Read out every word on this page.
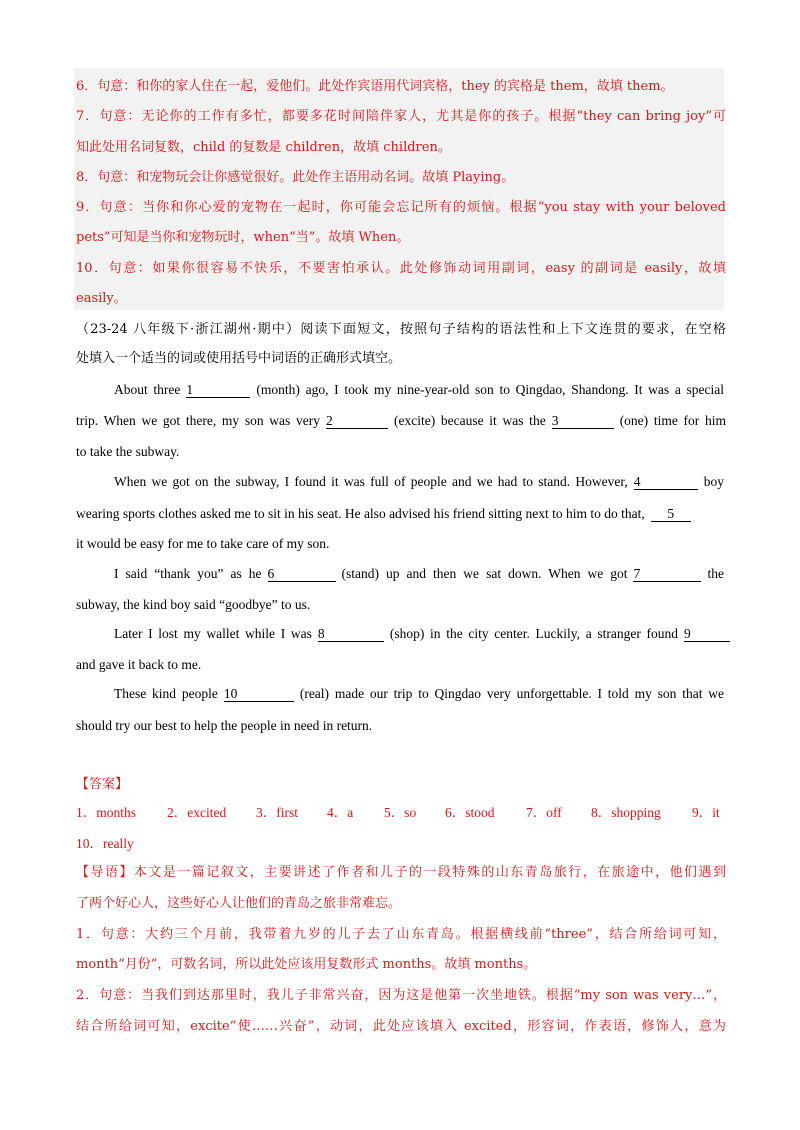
6．句意：和你的家人住在一起，爱他们。此处作宾语用代词宾格，they 的宾格是 them，故填 them。
7．句意：无论你的工作有多忙，都要多花时间陪伴家人，尤其是你的孩子。根据“they can bring joy”可
知此处用名词复数，child 的复数是 children，故填 children。
8．句意：和宠物玩会让你感觉很好。此处作主语用动名词。故填 Playing。
9．句意：当你和你心爱的宠物在一起时，你可能会忘记所有的烦恼。根据“you stay with your beloved
pets”可知是当你和宠物玩时，when“当”。故填 When。
10．句意：如果你很容易不快乐，不要害怕承认。此处修饰动词用副词，easy 的副词是 easily，故填
easily。
（23-24 八年级下·浙江湖州·期中）阅读下面短文，按照句子结构的语法性和上下文连贯的要求，在空格
处填入一个适当的词或使用括号中词语的正确形式填空。
About three 1	(month) ago, I took my nine-year-old son to Qingdao, Shandong. It was a special
trip. When we got there, my son was very 2	(excite) because it was the 3	(one) time for him
to take the subway.
When we got on the subway, I found it was full of people and we had to stand. However, 4	boy
wearing sports clothes asked me to sit in his seat. He also advised his friend sitting next to him to do that, 5
it would be easy for me to take care of my son.
I said “thank you” as he 6	(stand) up and then we sat down. When we got 7	the
subway, the kind boy said “goodbye” to us.
Later I lost my wallet while I was 8	(shop) in the city center. Luckily, a stranger found 9
and gave it back to me.
These kind people 10	(real) made our trip to Qingdao very unforgettable. I told my son that we
should try our best to help the people in need in return.
【答案】
1．months 2．excited 3．first 4．a 5．so 6．stood 7．off 8．shopping 9．it
10．really
【导语】本文是一篇记叙文，主要讲述了作者和儿子的一段特殊的山东青岛旅行，在旅途中，他们遇到
了两个好心人，这些好心人让他们的青岛之旅非常难忘。
1．句意：大约三个月前，我带着九岁的儿子去了山东青岛。根据横线前“three”，结合所给词可知，
month“月份”，可数名词，所以此处应该用复数形式 months。故填 months。
2．句意：当我们到达那里时，我儿子非常兴奋，因为这是他第一次坐地铁。根据“my son was very…”，
结合所给词可知，excite“使……兴奋”，动词，此处应该填入 excited，形容词，作表语，修饰人，意为
